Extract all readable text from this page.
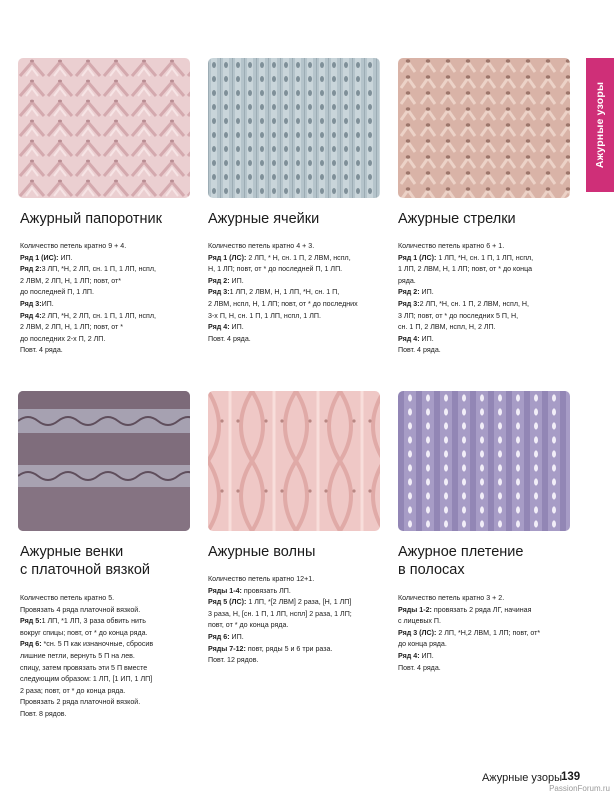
Ажурные узоры
Ажурный папоротник	Ажурные ячейки	Ажурные стрелки

Количество петель кратно 9 + 4.

Ряд 1 (ИС): ИП.

Ряд 2:3 ЛП, *Н, 2 ЛП, сн. 1 П, 1 ЛП, нспл,

2 ЛВМ, 2 ЛП, Н, 1 ЛП; повт, от*

до последней П, 1 ЛП.

Ряд 3:ИП.

Ряд 4:2 ЛП, *Н, 2 ЛП, сн. 1 П, 1 ЛП, нспл,

2 ЛВМ, 2 ЛП, Н, 1 ЛП; повт, от *

до последних 2-х П, 2 ЛП.

Повт. 4 ряда.

Количество петель кратно 4 + 3.

Ряд 1 (ЛС): 2 ЛП, * Н, сн. 1 П, 2 ЛВМ, нспл,

Н, 1 ЛП; повт, от * до последней П, 1 ЛП.

Ряд 2: ИП.

Ряд 3:1 ЛП, 2 ЛВМ, Н, 1 ЛП, *Н, сн. 1 П,

2 ЛВМ, нспл, Н, 1 ЛП; повт, от * до последних

3-х П, Н, сн. 1 П, 1 ЛП, нспл, 1 ЛП.

Ряд 4: ИП.

Повт. 4 ряда.

Количество петель кратно 6 + 1.

Ряд 1 (ЛС): 1 ЛП, *Н, сн. 1 П, 1 ЛП, нспл,

1 ЛП, 2 ЛВМ, Н, 1 ЛП; повт, от * до конца

ряда.

Ряд 2: ИП.

Ряд 3:2 ЛП, *Н, сн. 1 П, 2 ЛВМ, нспл, Н,

3 ЛП; повт, от * до последних 5 П, Н,

сн. 1 П, 2 ЛВМ, нспл, Н, 2 ЛП.

Ряд 4: ИП.

Повт. 4 ряда.

Ажурные венки
с платочной вязкой
Ажурные волны	Ажурное плетение
в полосах

Количество петель кратно 5.

Провязать 4 ряда платочной вязкой.

Ряд 5:1 ЛП, *1 ЛП, 3 раза обвить нить

вокруг спицы; повт, от * до конца ряда.

Ряд 6: *сн. 5 П как изнаночные, сбросив

лишние петли, вернуть 5 П на лев.

спицу, затем провязать эти 5 П вместе

следующим образом: 1 ЛП, [1 ИП, 1 ЛП]

2 раза; повт, от * до конца ряда.

Провязать 2 ряда платочной вязкой.

Повт. 8 рядов.

Количество петель кратно 12+1.

Ряды 1-4: провязать ЛП.

Ряд 5 (ЛС): 1 ЛП, *[2 ЛВМ] 2 раза, [Н, 1 ЛП]

3 раза, Н, [сн. 1 П, 1 ЛП, нспл] 2 раза, 1 ЛП;

повт, от * до конца ряда.

Ряд 6: ИП.

Ряды 7-12: повт, ряды 5 и 6 три раза.

Повт. 12 рядов.

Количество петель кратно 3 + 2.

Ряды 1-2: провязать 2 ряда ЛГ, начиная

с лицевых П.

Ряд 3 (ЛС): 2 ЛП, *Н,2 ЛВМ, 1 ЛП; повт, от*

до конца ряда.

Ряд 4: ИП.

Повт. 4 ряда.

Ажурные узоры 139
PassionForum.ru
